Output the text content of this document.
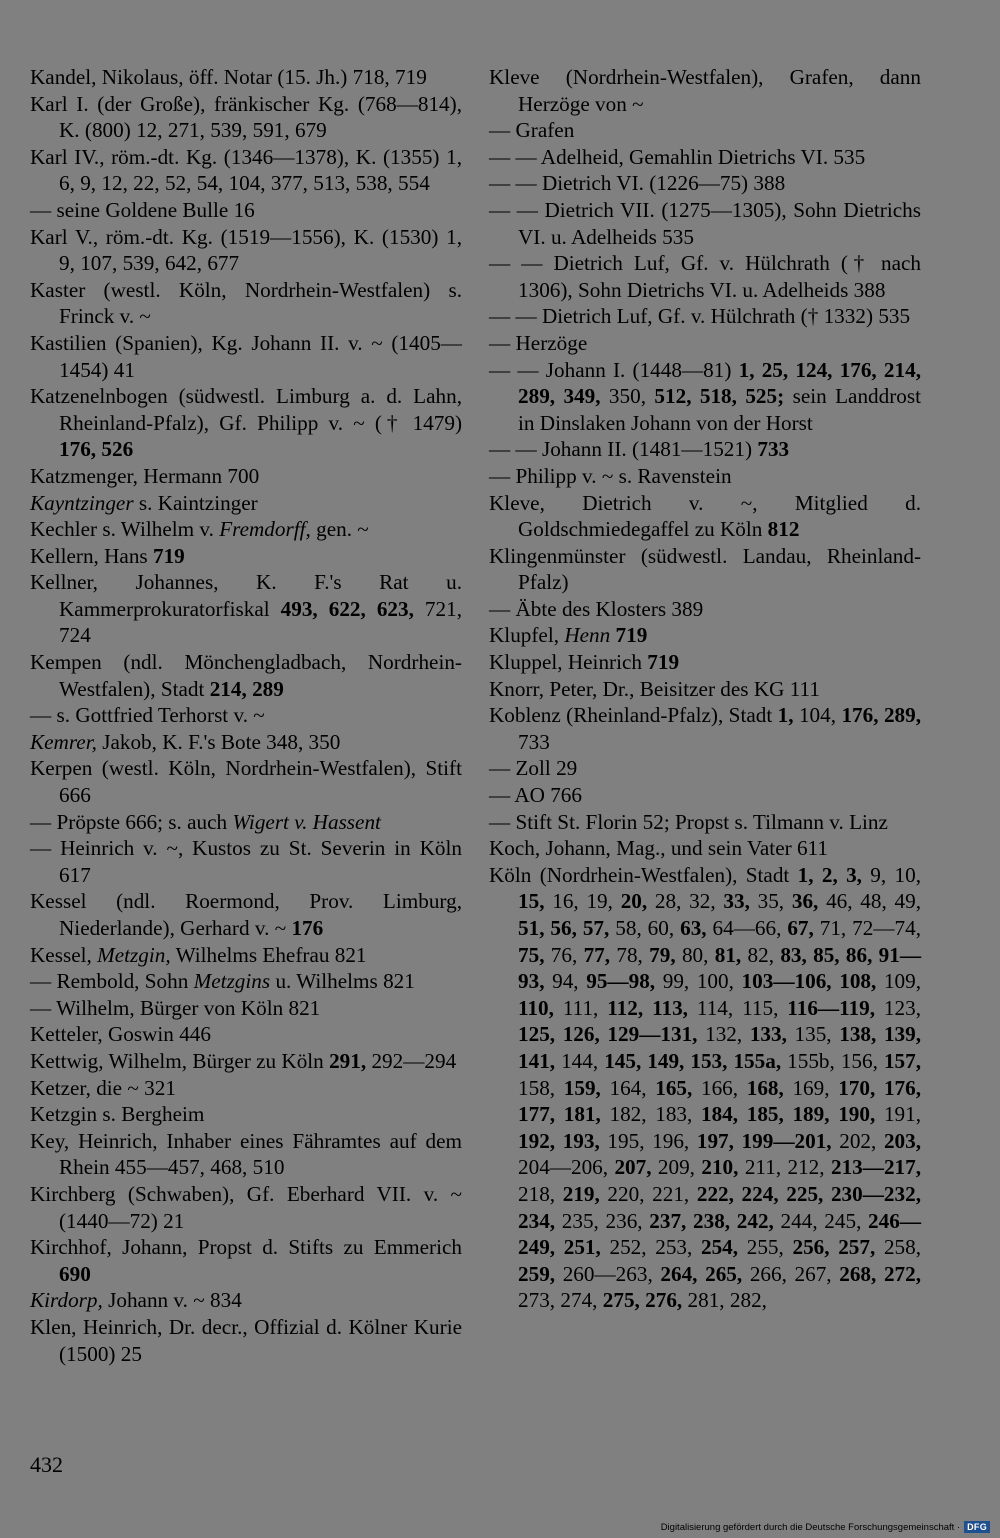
Kandel, Nikolaus, öff. Notar (15. Jh.) 718, 719
Karl I. (der Große), fränkischer Kg. (768—814), K. (800) 12, 271, 539, 591, 679
Karl IV., röm.-dt. Kg. (1346—1378), K. (1355) 1, 6, 9, 12, 22, 52, 54, 104, 377, 513, 538, 554
— seine Goldene Bulle 16
Karl V., röm.-dt. Kg. (1519—1556), K. (1530) 1, 9, 107, 539, 642, 677
Kaster (westl. Köln, Nordrhein-Westfalen) s. Frinck v. ~
Kastilien (Spanien), Kg. Johann II. v. ~ (1405—1454) 41
Katzenelnbogen (südwestl. Limburg a. d. Lahn, Rheinland-Pfalz), Gf. Philipp v. ~ († 1479) 176, 526
Katzmenger, Hermann 700
Kayntzinger s. Kaintzinger
Kechler s. Wilhelm v. Fremdorff, gen. ~
Kellern, Hans 719
Kellner, Johannes, K. F.'s Rat u. Kammerprokuratorfiskal 493, 622, 623, 721, 724
Kempen (ndl. Mönchengladbach, Nordrhein-Westfalen), Stadt 214, 289
— s. Gottfried Terhorst v. ~
Kemrer, Jakob, K. F.'s Bote 348, 350
Kerpen (westl. Köln, Nordrhein-Westfalen), Stift 666
— Pröpste 666; s. auch Wigert v. Hassent
— Heinrich v. ~, Kustos zu St. Severin in Köln 617
Kessel (ndl. Roermond, Prov. Limburg, Niederlande), Gerhard v. ~ 176
Kessel, Metzgin, Wilhelms Ehefrau 821
— Rembold, Sohn Metzgins u. Wilhelms 821
— Wilhelm, Bürger von Köln 821
Ketteler, Goswin 446
Kettwig, Wilhelm, Bürger zu Köln 291, 292—294
Ketzer, die ~ 321
Ketzgin s. Bergheim
Key, Heinrich, Inhaber eines Fähramtes auf dem Rhein 455—457, 468, 510
Kirchberg (Schwaben), Gf. Eberhard VII. v. ~ (1440—72) 21
Kirchhof, Johann, Propst d. Stifts zu Emmerich 690
Kirdorp, Johann v. ~ 834
Klen, Heinrich, Dr. decr., Offizial d. Kölner Kurie (1500) 25
Kleve (Nordrhein-Westfalen), Grafen, dann Herzöge von ~
— Grafen
— — Adelheid, Gemahlin Dietrichs VI. 535
— — Dietrich VI. (1226—75) 388
— — Dietrich VII. (1275—1305), Sohn Dietrichs VI. u. Adelheids 535
— — Dietrich Luf, Gf. v. Hülchrath († nach 1306), Sohn Dietrichs VI. u. Adelheids 388
— — Dietrich Luf, Gf. v. Hülchrath († 1332) 535
— Herzöge
— — Johann I. (1448—81) 1, 25, 124, 176, 214, 289, 349, 350, 512, 518, 525; sein Landdrost in Dinslaken Johann von der Horst
— — Johann II. (1481—1521) 733
— Philipp v. ~ s. Ravenstein
Kleve, Dietrich v. ~, Mitglied d. Goldschmiedegaffel zu Köln 812
Klingenmünster (südwestl. Landau, Rheinland-Pfalz)
— Äbte des Klosters 389
Klupfel, Henn 719
Kluppel, Heinrich 719
Knorr, Peter, Dr., Beisitzer des KG 111
Koblenz (Rheinland-Pfalz), Stadt 1, 104, 176, 289, 733
— Zoll 29
— AO 766
— Stift St. Florin 52; Propst s. Tilmann v. Linz
Koch, Johann, Mag., und sein Vater 611
Köln (Nordrhein-Westfalen), Stadt 1, 2, 3, 9, 10, 15, 16, 19, 20, 28, 32, 33, 35, 36, 46, 48, 49, 51, 56, 57, 58, 60, 63, 64—66, 67, 71, 72—74, 75, 76, 77, 78, 79, 80, 81, 82, 83, 85, 86, 91—93, 94, 95—98, 99, 100, 103—106, 108, 109, 110, 111, 112, 113, 114, 115, 116—119, 123, 125, 126, 129—131, 132, 133, 135, 138, 139, 141, 144, 145, 149, 153, 155a, 155b, 156, 157, 158, 159, 164, 165, 166, 168, 169, 170, 176, 177, 181, 182, 183, 184, 185, 189, 190, 191, 192, 193, 195, 196, 197, 199—201, 202, 203, 204—206, 207, 209, 210, 211, 212, 213—217, 218, 219, 220, 221, 222, 224, 225, 230—232, 234, 235, 236, 237, 238, 242, 244, 245, 246—249, 251, 252, 253, 254, 255, 256, 257, 258, 259, 260—263, 264, 265, 266, 267, 268, 272, 273, 274, 275, 276, 281, 282,
432
Digitalisierung gefördert durch die Deutsche Forschungsgemeinschaft · DFG
